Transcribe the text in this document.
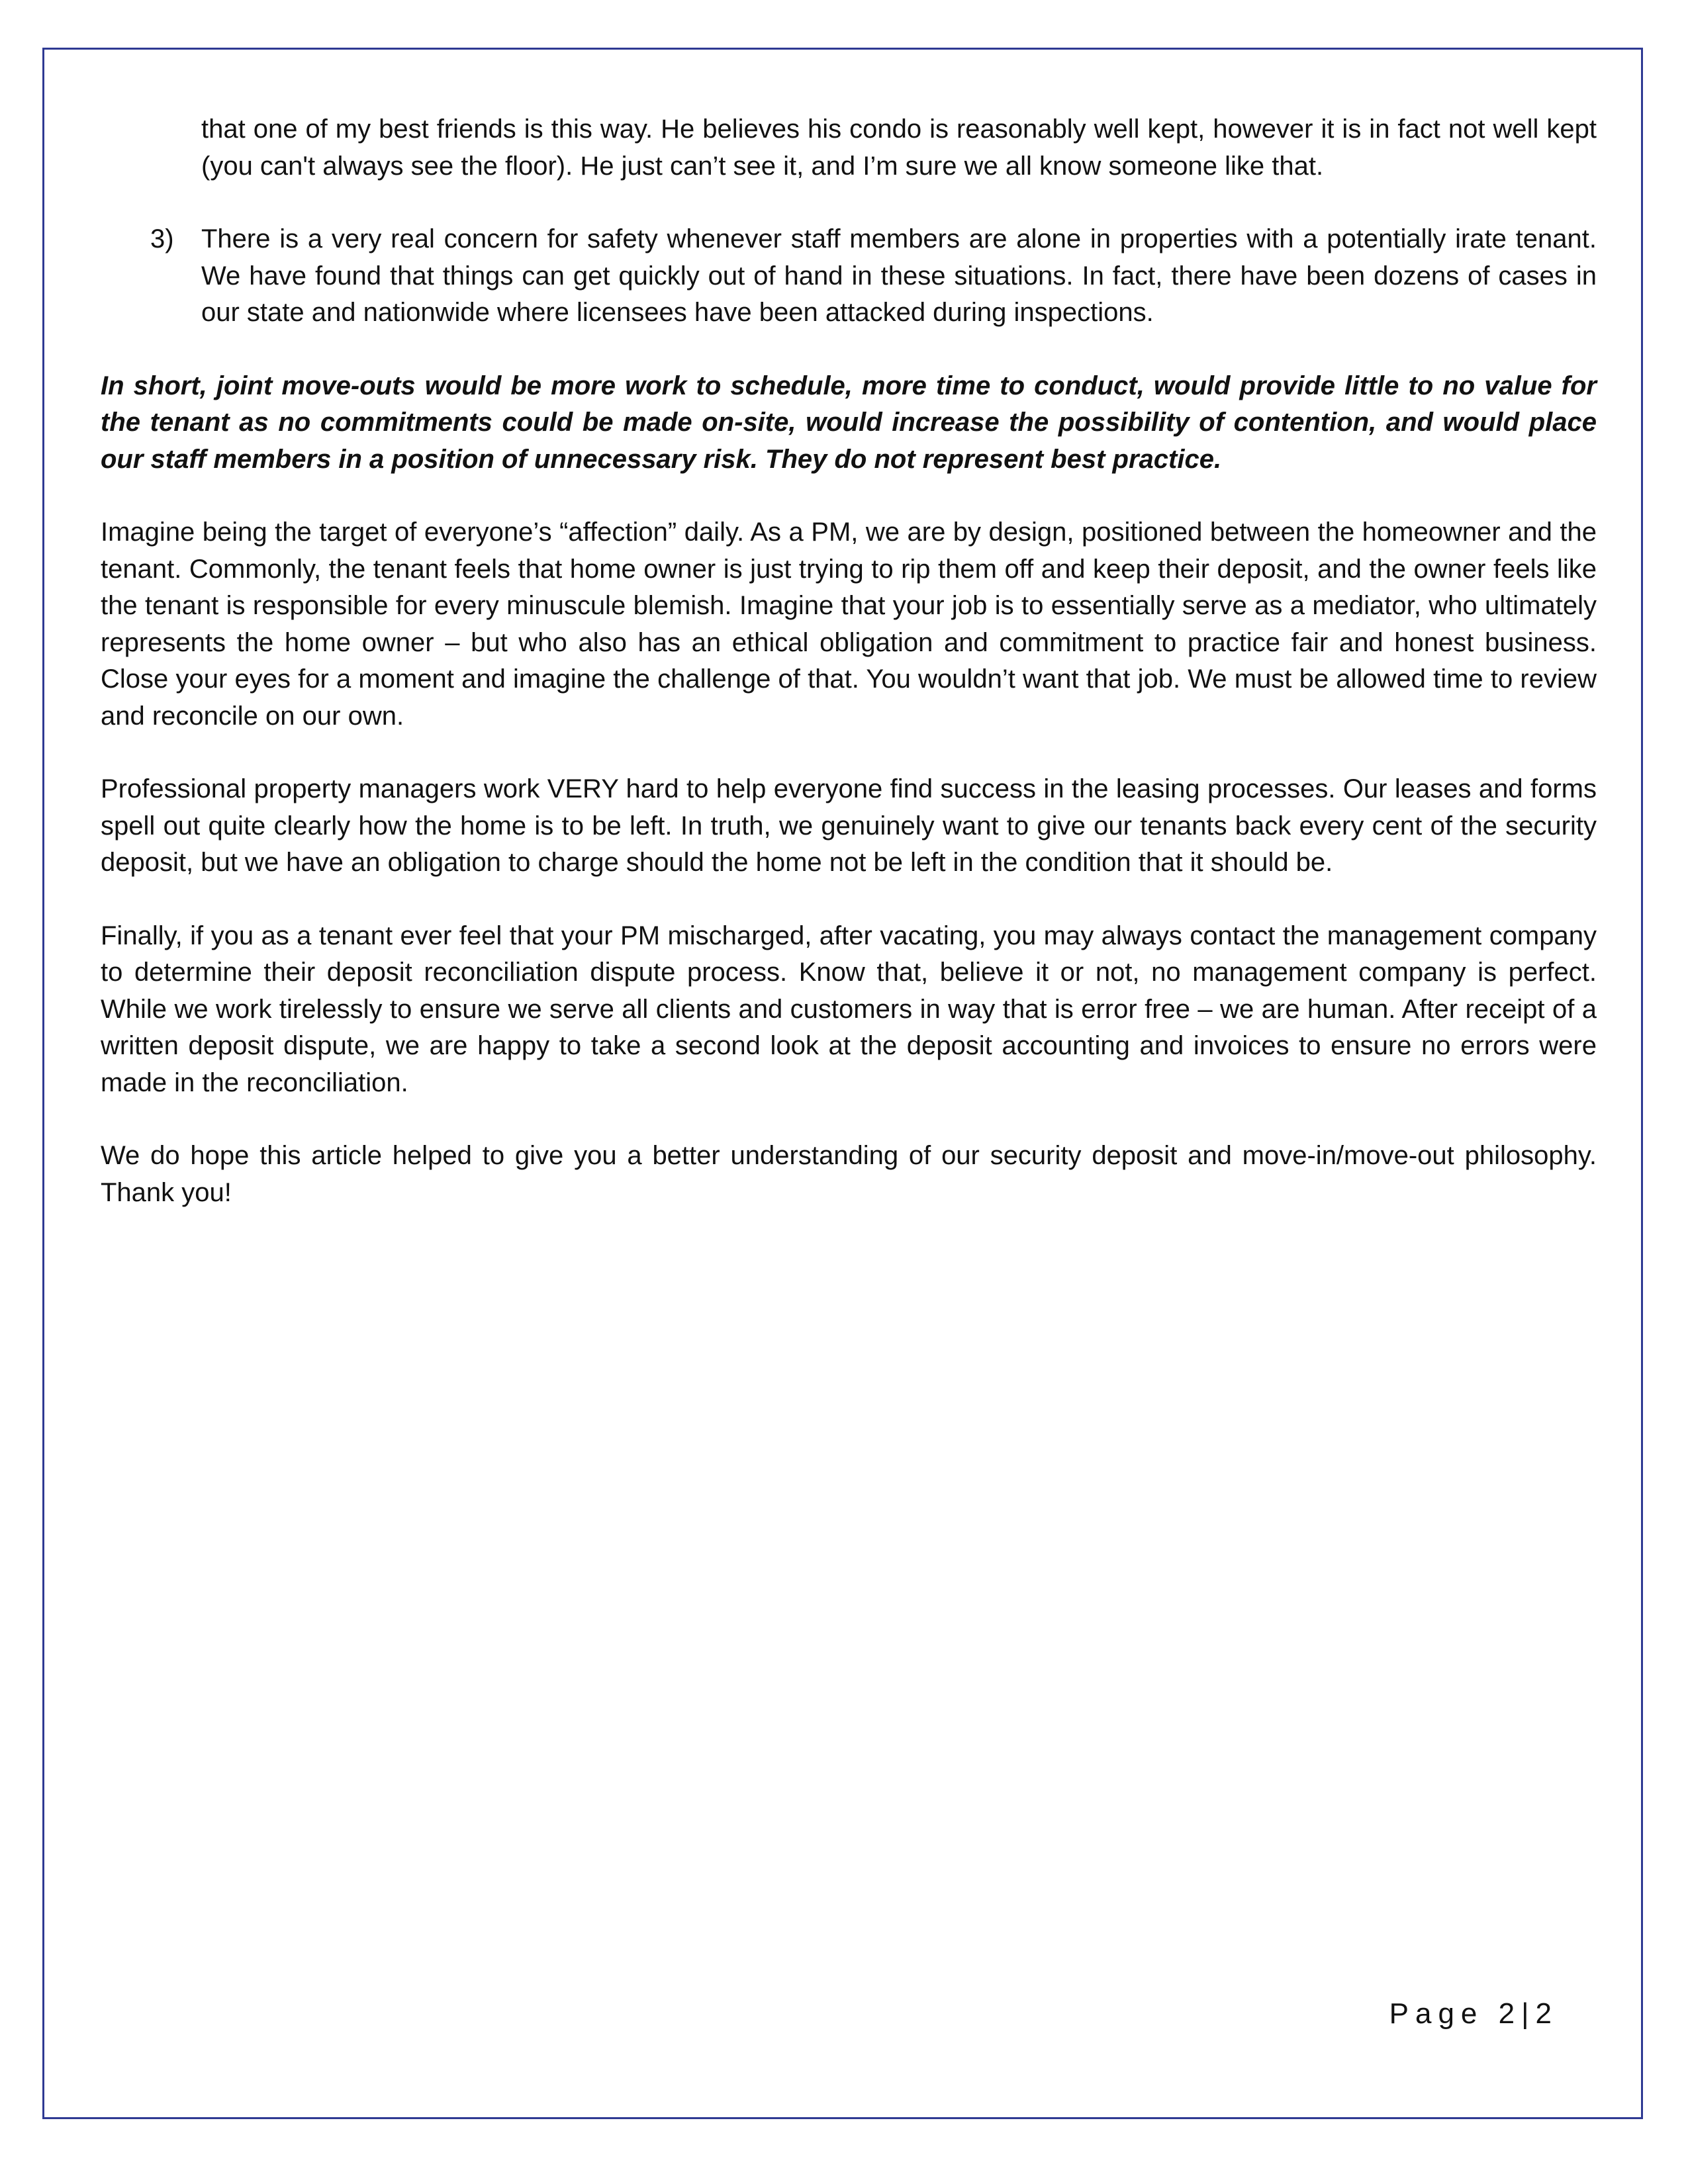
that one of my best friends is this way. He believes his condo is reasonably well kept, however it is in fact not well kept (you can't always see the floor). He just can’t see it, and I’m sure we all know someone like that.

3) There is a very real concern for safety whenever staff members are alone in properties with a potentially irate tenant. We have found that things can get quickly out of hand in these situations. In fact, there have been dozens of cases in our state and nationwide where licensees have been attacked during inspections.

In short, joint move-outs would be more work to schedule, more time to conduct, would provide little to no value for the tenant as no commitments could be made on-site, would increase the possibility of contention, and would place our staff members in a position of unnecessary risk. They do not represent best practice.

Imagine being the target of everyone’s “affection” daily. As a PM, we are by design, positioned between the homeowner and the tenant. Commonly, the tenant feels that home owner is just trying to rip them off and keep their deposit, and the owner feels like the tenant is responsible for every minuscule blemish. Imagine that your job is to essentially serve as a mediator, who ultimately represents the home owner – but who also has an ethical obligation and commitment to practice fair and honest business. Close your eyes for a moment and imagine the challenge of that. You wouldn’t want that job. We must be allowed time to review and reconcile on our own.

Professional property managers work VERY hard to help everyone find success in the leasing processes. Our leases and forms spell out quite clearly how the home is to be left. In truth, we genuinely want to give our tenants back every cent of the security deposit, but we have an obligation to charge should the home not be left in the condition that it should be.

Finally, if you as a tenant ever feel that your PM mischarged, after vacating, you may always contact the management company to determine their deposit reconciliation dispute process. Know that, believe it or not, no management company is perfect. While we work tirelessly to ensure we serve all clients and customers in way that is error free – we are human. After receipt of a written deposit dispute, we are happy to take a second look at the deposit accounting and invoices to ensure no errors were made in the reconciliation.

We do hope this article helped to give you a better understanding of our security deposit and move-in/move-out philosophy. Thank you!

Page 2|2
